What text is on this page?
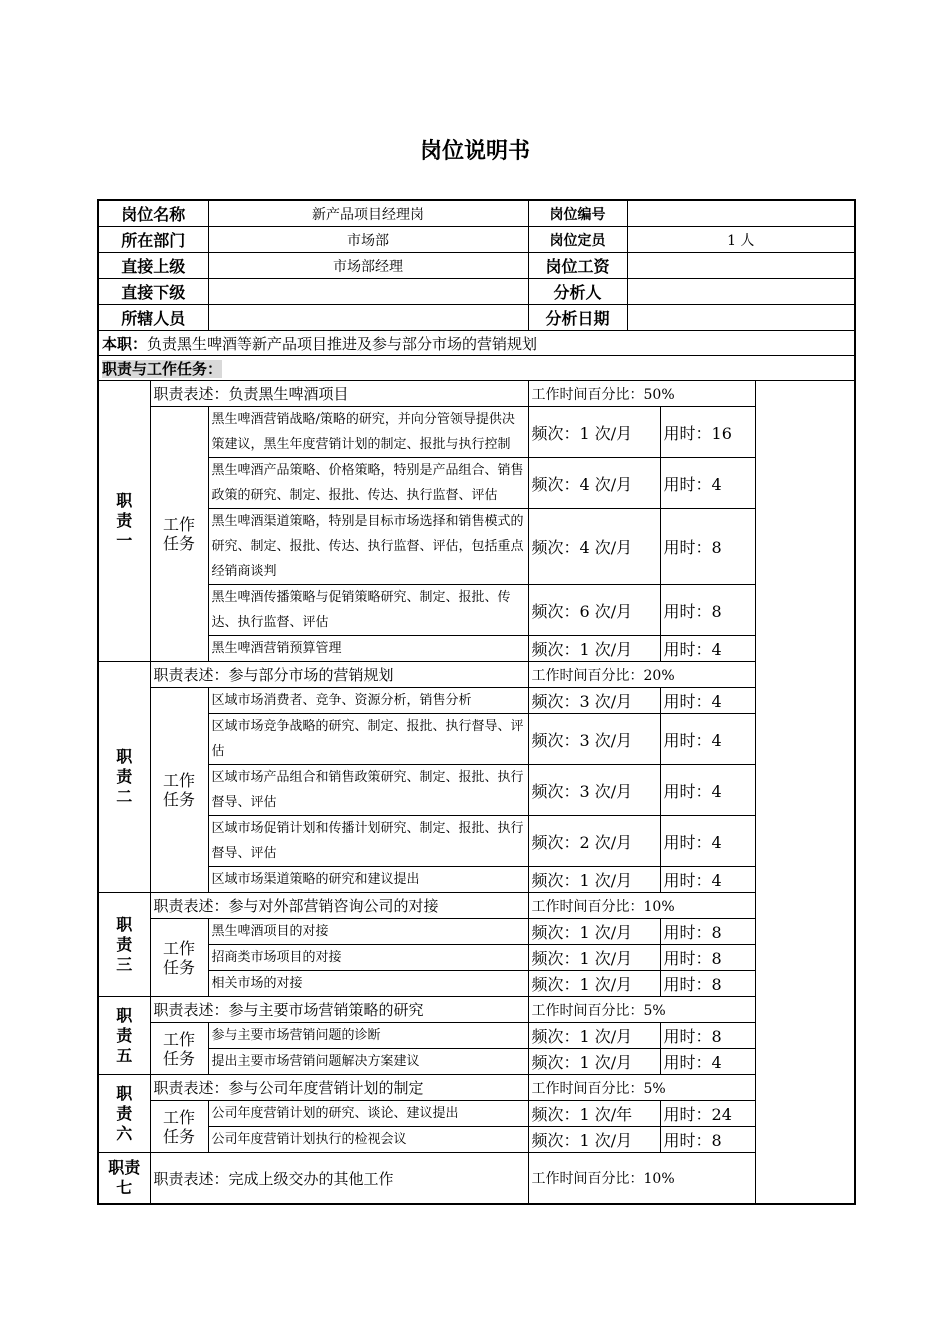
岗位说明书
岗位名称		新产品项目经理岗	岗位编号		
所在部门		市场部	岗位定员	1 人	
直接上级		市场部经理	岗位工资		
直接下级			分析人		
所辖人员			分析日期		
本职：负责黑生啤酒等新产品项目推进及参与部分市场的营销规划					
职责与工作任务：					
职责一	职责表述：负责黑生啤酒项目		工作时间百分比：50%		
	工作任务	黑生啤酒营销战略/策略的研究，并向分管领导提供决策建议，黑生年度营销计划的制定、报批与执行控制	频次：1 次/月		用时：16
		黑生啤酒产品策略、价格策略，特别是产品组合、销售政策的研究、制定、报批、传达、执行监督、评估	频次：4 次/月		用时：4
		黑生啤酒渠道策略，特别是目标市场选择和销售模式的研究、制定、报批、传达、执行监督、评估，包括重点经销商谈判	频次：4 次/月		用时：8
		黑生啤酒传播策略与促销策略研究、制定、报批、传达、执行监督、评估	频次：6 次/月		用时：8
		黑生啤酒营销预算管理	频次：1 次/月		用时：4
职责二	职责表述：参与部分市场的营销规划		工作时间百分比：20%		
	工作任务	区域市场消费者、竞争、资源分析，销售分析	频次：3 次/月		用时：4
		区域市场竞争战略的研究、制定、报批、执行督导、评估	频次：3 次/月		用时：4
		区域市场产品组合和销售政策研究、制定、报批、执行督导、评估	频次：3 次/月		用时：4
		区域市场促销计划和传播计划研究、制定、报批、执行督导、评估	频次：2 次/月		用时：4
		区域市场渠道策略的研究和建议提出	频次：1 次/月		用时：4
职责三	职责表述：参与对外部营销咨询公司的对接		工作时间百分比：10%		
	工作任务	黑生啤酒项目的对接	频次：1 次/月		用时：8
		招商类市场项目的对接	频次：1 次/月		用时：8
		相关市场的对接	频次：1 次/月		用时：8
职责五	职责表述：参与主要市场营销策略的研究		工作时间百分比：5%		
	工作任务	参与主要市场营销问题的诊断	频次：1 次/月		用时：8
		提出主要市场营销问题解决方案建议	频次：1 次/月		用时：4
职责六	职责表述：参与公司年度营销计划的制定		工作时间百分比：5%		
	工作任务	公司年度营销计划的研究、谈论、建议提出	频次：1 次/年		用时：24
		公司年度营销计划执行的检视会议	频次：1 次/月		用时：8
职责七	职责表述：完成上级交办的其他工作		工作时间百分比：10%		
